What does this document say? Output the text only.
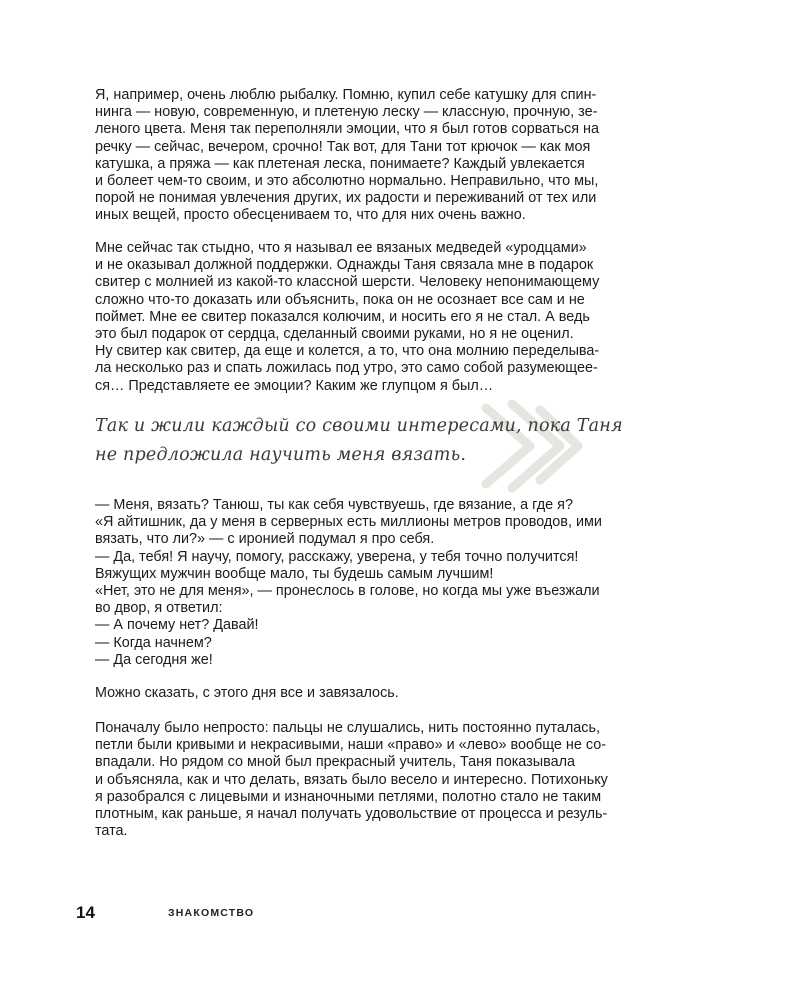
Я, например, очень люблю рыбалку. Помню, купил себе катушку для спин-
нинга — новую, современную, и плетеную леску — классную, прочную, зе-
леного цвета. Меня так переполняли эмоции, что я был готов сорваться на
речку — сейчас, вечером, срочно! Так вот, для Тани тот крючок — как моя
катушка, а пряжа — как плетеная леска, понимаете? Каждый увлекается
и болеет чем-то своим, и это абсолютно нормально. Неправильно, что мы,
порой не понимая увлечения других, их радости и переживаний от тех или
иных вещей, просто обесцениваем то, что для них очень важно.
Мне сейчас так стыдно, что я называл ее вязаных медведей «уродцами»
и не оказывал должной поддержки. Однажды Таня связала мне в подарок
свитер с молнией из какой-то классной шерсти. Человеку непонимающему
сложно что-то доказать или объяснить, пока он не осознает все сам и не
поймет. Мне ее свитер показался колючим, и носить его я не стал. А ведь
это был подарок от сердца, сделанный своими руками, но я не оценил.
Ну свитер как свитер, да еще и колется, а то, что она молнию переделыва-
ла несколько раз и спать ложилась под утро, это само собой разумеющее-
ся… Представляете ее эмоции? Каким же глупцом я был…
Так и жили каждый со своими интересами, пока Таня
не предложила научить меня вязать.
— Меня, вязать? Танюш, ты как себя чувствуешь, где вязание, а где я?
«Я айтишник, да у меня в серверных есть миллионы метров проводов, ими
вязать, что ли?» — с иронией подумал я про себя.
— Да, тебя! Я научу, помогу, расскажу, уверена, у тебя точно получится!
Вяжущих мужчин вообще мало, ты будешь самым лучшим!
«Нет, это не для меня», — пронеслось в голове, но когда мы уже въезжали
во двор, я ответил:
— А почему нет? Давай!
— Когда начнем?
— Да сегодня же!
Можно сказать, с этого дня все и завязалось.
Поначалу было непросто: пальцы не слушались, нить постоянно путалась,
петли были кривыми и некрасивыми, наши «право» и «лево» вообще не со-
впадали. Но рядом со мной был прекрасный учитель, Таня показывала
и объясняла, как и что делать, вязать было весело и интересно. Потихоньку
я разобрался с лицевыми и изнаночными петлями, полотно стало не таким
плотным, как раньше, я начал получать удовольствие от процесса и резуль-
тата.
14	ЗНАКОМСТВО
